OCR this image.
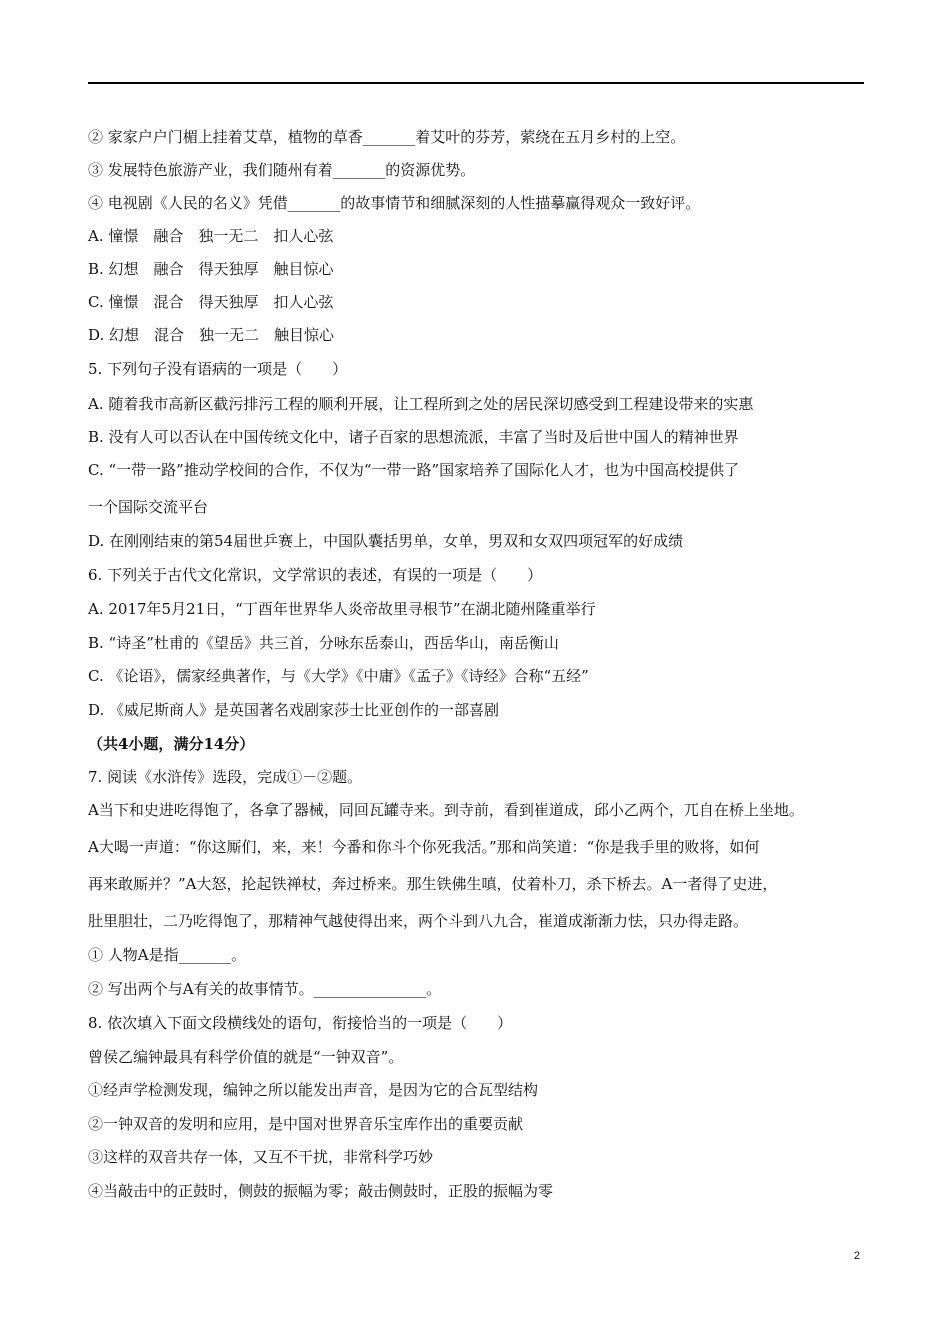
② 家家户户门楣上挂着艾草，植物的草香_______着艾叶的芬芳，萦绕在五月乡村的上空。
③ 发展特色旅游产业，我们随州有着_______的资源优势。
④ 电视剧《人民的名义》凭借_______的故事情节和细腻深刻的人性描摹赢得观众一致好评。
A. 憧憬　融合　独一无二　扣人心弦
B. 幻想　融合　得天独厚　触目惊心
C. 憧憬　混合　得天独厚　扣人心弦
D. 幻想　混合　独一无二　触目惊心
5. 下列句子没有语病的一项是（　　）
A. 随着我市高新区截污排污工程的顺利开展，让工程所到之处的居民深切感受到工程建设带来的实惠
B. 没有人可以否认在中国传统文化中，诸子百家的思想流派，丰富了当时及后世中国人的精神世界
C. “一带一路”推动学校间的合作，不仅为“一带一路”国家培养了国际化人才，也为中国高校提供了
一个国际交流平台
D. 在刚刚结束的第54届世乒赛上，中国队囊括男单，女单，男双和女双四项冠军的好成绩
6. 下列关于古代文化常识，文学常识的表述，有误的一项是（　　）
A. 2017年5月21日，“丁酉年世界华人炎帝故里寻根节”在湖北随州隆重举行
B. “诗圣”杜甫的《望岳》共三首，分咏东岳泰山，西岳华山，南岳衡山
C. 《论语》，儒家经典著作，与《大学》《中庸》《孟子》《诗经》合称“五经”
D. 《威尼斯商人》是英国著名戏剧家莎士比亚创作的一部喜剧
（共4小题，满分14分）
7. 阅读《水浒传》选段，完成①－②题。
A当下和史进吃得饱了，各拿了器械，同回瓦罐寺来。到寺前，看到崔道成，邱小乙两个，兀自在桥上坐地。
A大喝一声道：“你这厮们，来，来！今番和你斗个你死我活。”那和尚笑道：“你是我手里的败将，如何
再来敢厮并？”A大怒，抡起铁禅杖，奔过桥来。那生铁佛生嗔，仗着朴刀，杀下桥去。A一者得了史进，
肚里胆壮，二乃吃得饱了，那精神气越使得出来，两个斗到八九合，崔道成渐渐力怯，只办得走路。
① 人物A是指_______。
② 写出两个与A有关的故事情节。_______________。
8. 依次填入下面文段横线处的语句，衔接恰当的一项是（　　）
曾侯乙编钟最具有科学价值的就是“一钟双音”。
①经声学检测发现，编钟之所以能发出声音，是因为它的合瓦型结构
②一钟双音的发明和应用，是中国对世界音乐宝库作出的重要贡献
③这样的双音共存一体，又互不干扰，非常科学巧妙
④当敲击中的正鼓时，侧鼓的振幅为零；敲击侧鼓时，正股的振幅为零
2
